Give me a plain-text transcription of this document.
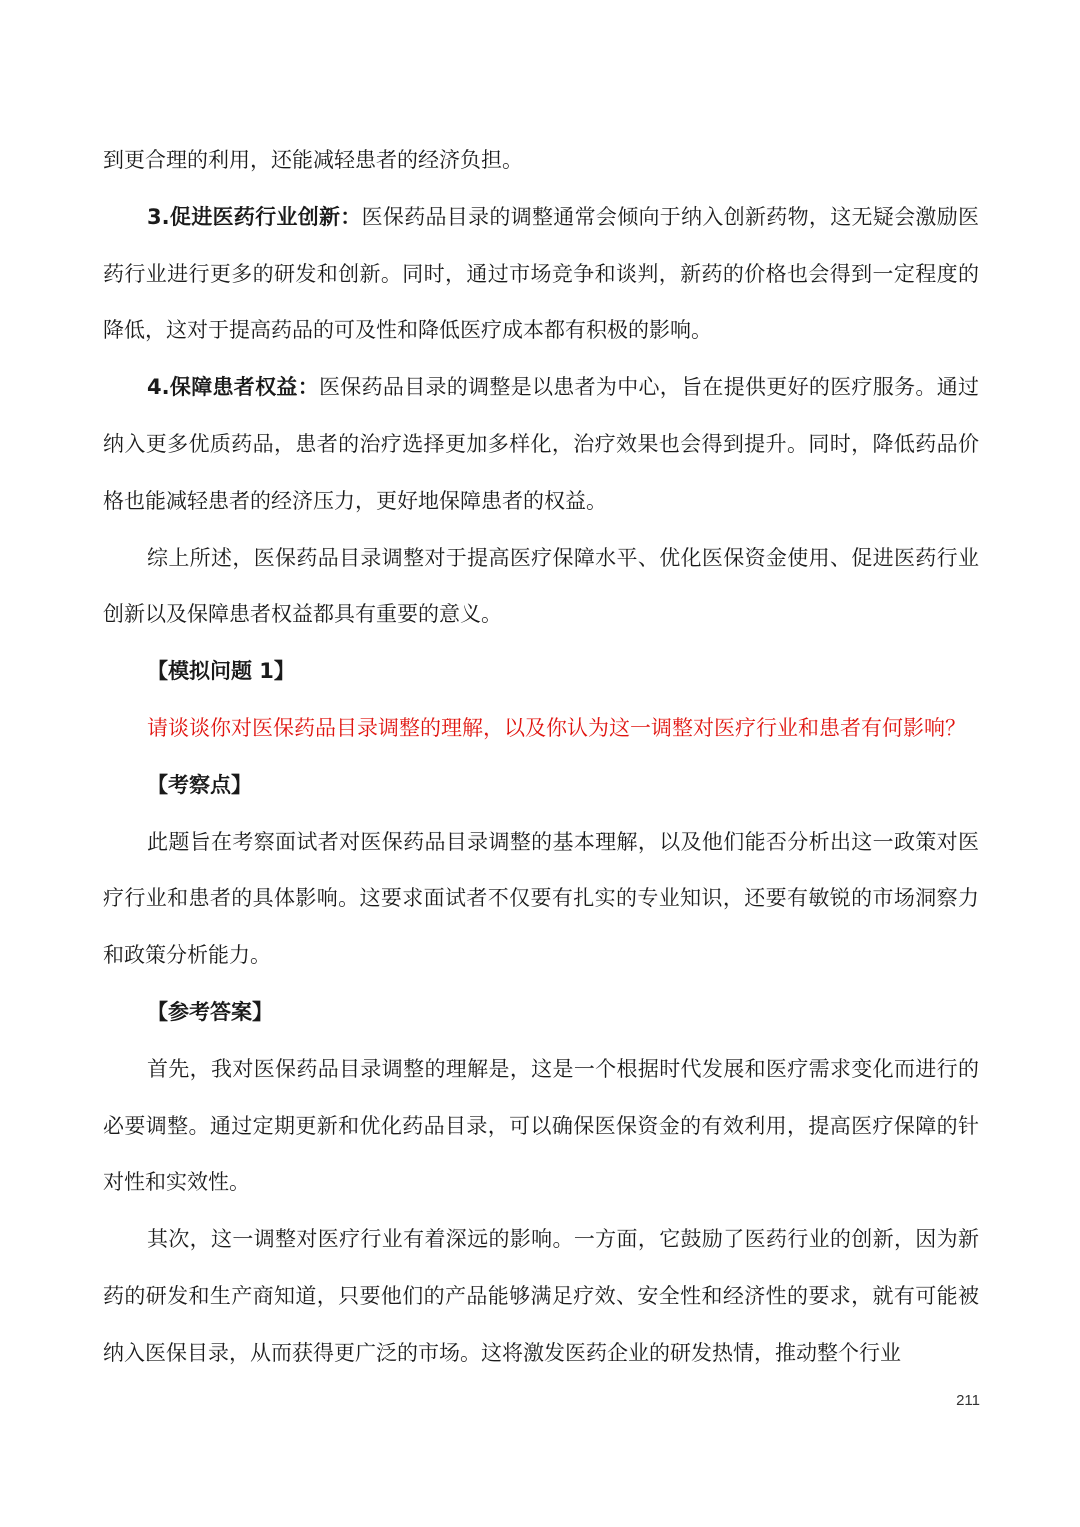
到更合理的利用，还能减轻患者的经济负担。

3.促进医药行业创新：医保药品目录的调整通常会倾向于纳入创新药物，这无疑会激励医药行业进行更多的研发和创新。同时，通过市场竞争和谈判，新药的价格也会得到一定程度的降低，这对于提高药品的可及性和降低医疗成本都有积极的影响。

4.保障患者权益：医保药品目录的调整是以患者为中心，旨在提供更好的医疗服务。通过纳入更多优质药品，患者的治疗选择更加多样化，治疗效果也会得到提升。同时，降低药品价格也能减轻患者的经济压力，更好地保障患者的权益。

综上所述，医保药品目录调整对于提高医疗保障水平、优化医保资金使用、促进医药行业创新以及保障患者权益都具有重要的意义。

【模拟问题 1】

请谈谈你对医保药品目录调整的理解，以及你认为这一调整对医疗行业和患者有何影响？

【考察点】

此题旨在考察面试者对医保药品目录调整的基本理解，以及他们能否分析出这一政策对医疗行业和患者的具体影响。这要求面试者不仅要有扎实的专业知识，还要有敏锐的市场洞察力和政策分析能力。

【参考答案】

首先，我对医保药品目录调整的理解是，这是一个根据时代发展和医疗需求变化而进行的必要调整。通过定期更新和优化药品目录，可以确保医保资金的有效利用，提高医疗保障的针对性和实效性。

其次，这一调整对医疗行业有着深远的影响。一方面，它鼓励了医药行业的创新，因为新药的研发和生产商知道，只要他们的产品能够满足疗效、安全性和经济性的要求，就有可能被纳入医保目录，从而获得更广泛的市场。这将激发医药企业的研发热情，推动整个行业

211
